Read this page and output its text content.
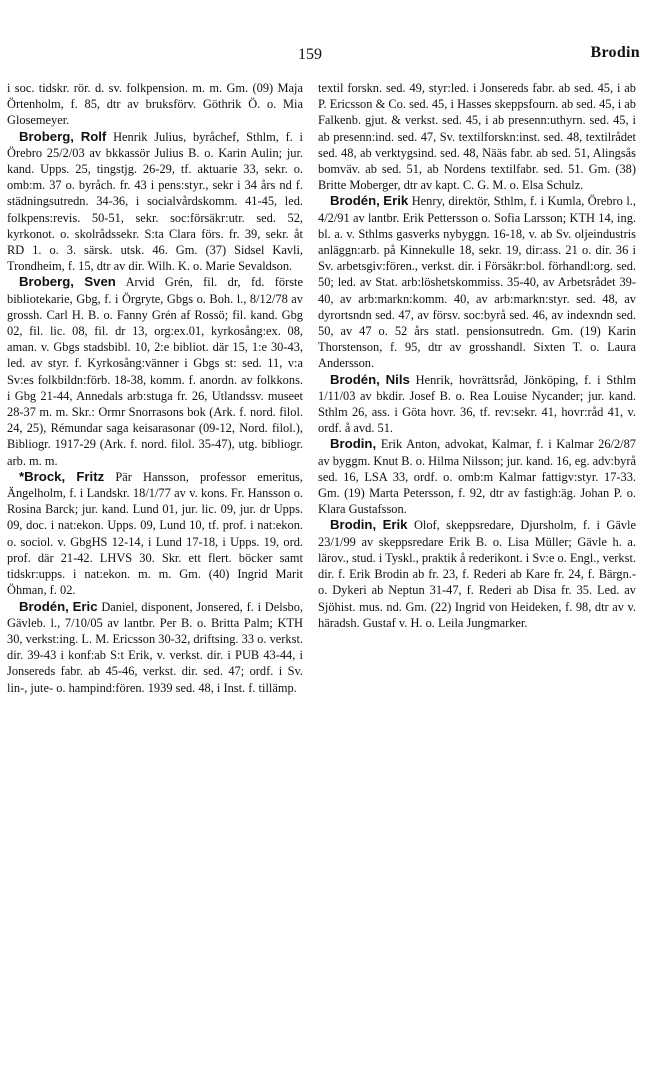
159	Brodin

i soc. tidskr. rör. d. sv. folkpension. m. m. Gm. (09) Maja Örtenholm, f. 85, dtr av bruksförv. Göthrik Ö. o. Mia Glosemeyer.

Broberg, Rolf Henrik Julius, byråchef, Sthlm, f. i Örebro 25/2/03 av bkkassör Julius B. o. Karin Aulin; jur. kand. Upps. 25, tingstjg. 26-29, tf. aktuarie 33, sekr. o. omb:m. 37 o. byråch. fr. 43 i pens:styr., sekr i 34 års nd f. städningsutredn. 34-36, i socialvårdskomm. 41-45, led. folkpens:revis. 50-51, sekr. soc:försäkr:utr. sed. 52, kyrkonot. o. skolrådssekr. S:ta Clara förs. fr. 39, sekr. åt RD 1. o. 3. särsk. utsk. 46. Gm. (37) Sidsel Kavli, Trondheim, f. 15, dtr av dir. Wilh. K. o. Marie Sevaldson.

Broberg, Sven Arvid Grén, fil. dr, fd. förste bibliotekarie, Gbg, f. i Örgryte, Gbgs o. Boh. l., 8/12/78 av grossh. Carl H. B. o. Fanny Grén af Rossö; fil. kand. Gbg 02, fil. lic. 08, fil. dr 13, org:ex.01, kyrkosång:ex. 08, aman. v. Gbgs stadsbibl. 10, 2:e bibliot. där 15, 1:e 30-43, led. av styr. f. Kyrkosång:vänner i Gbgs st: sed. 11, v:a Sv:es folkbildn:förb. 18-38, komm. f. anordn. av folkkons. i Gbg 21-44, Annedals arb:stuga fr. 26, Utlandssv. museet 28-37 m. m. Skr.: Ormr Snorrasons bok (Ark. f. nord. filol. 24, 25), Rémundar saga keisarasonar (09-12, Nord. filol.), Bibliogr. 1917-29 (Ark. f. nord. filol. 35-47), utg. bibliogr. arb. m. m.

*Brock, Fritz Pär Hansson, professor emeritus, Ängelholm, f. i Landskr. 18/1/77 av v. kons. Fr. Hansson o. Rosina Barck; jur. kand. Lund 01, jur. lic. 09, jur. dr Upps. 09, doc. i nat:ekon. Upps. 09, Lund 10, tf. prof. i nat:ekon. o. sociol. v. GbgHS 12-14, i Lund 17-18, i Upps. 19, ord. prof. där 21-42. LHVS 30. Skr. ett flert. böcker samt tidskr:upps. i nat:ekon. m. m. Gm. (40) Ingrid Marit Öhman, f. 02.

Brodén, Eric Daniel, disponent, Jonsered, f. i Delsbo, Gävleb. l., 7/10/05 av lantbr. Per B. o. Britta Palm; KTH 30, verkst:ing. L. M. Ericsson 30-32, driftsing. 33 o. verkst. dir. 39-43 i konf:ab S:t Erik, v. verkst. dir. i PUB 43-44, i Jonsereds fabr. ab 45-46, verkst. dir. sed. 47; ordf. i Sv. lin-, jute- o. hampind:fören. 1939 sed. 48, i Inst. f. tillämp.

textil forskn. sed. 49, styr:led. i Jonsereds fabr. ab sed. 45, i ab P. Ericsson & Co. sed. 45, i Hasses skeppsfourn. ab sed. 45, i ab Falkenb. gjut. & verkst. sed. 45, i ab presenn:uthyrn. sed. 45, i ab presenn:ind. sed. 47, Sv. textilforskn:inst. sed. 48, textilrådet sed. 48, ab verktygsind. sed. 48, Nääs fabr. ab sed. 51, Alingsås bomväv. ab sed. 51, ab Nordens textilfabr. sed. 51. Gm. (38) Britte Moberger, dtr av kapt. C. G. M. o. Elsa Schulz.

Brodén, Erik Henry, direktör, Sthlm, f. i Kumla, Örebro l., 4/2/91 av lantbr. Erik Pettersson o. Sofia Larsson; KTH 14, ing. bl. a. v. Sthlms gasverks nybyggn. 16-18, v. ab Sv. oljeindustris anläggn:arb. på Kinnekulle 18, sekr. 19, dir:ass. 21 o. dir. 36 i Sv. arbetsgiv:fören., verkst. dir. i Försäkr:bol. förhandl:org. sed. 50; led. av Stat. arb:löshetskommiss. 35-40, av Arbetsrådet 39-40, av arb:markn:komm. 40, av arb:markn:styr. sed. 48, av dyrortsndn sed. 47, av försv. soc:byrå sed. 46, av indexndn sed. 50, av 47 o. 52 års statl. pensionsutredn. Gm. (19) Karin Thorstenson, f. 95, dtr av grosshandl. Sixten T. o. Laura Andersson.

Brodén, Nils Henrik, hovrättsråd, Jönköping, f. i Sthlm 1/11/03 av bkdir. Josef B. o. Rea Louise Nycander; jur. kand. Sthlm 26, ass. i Göta hovr. 36, tf. rev:sekr. 41, hovr:råd 41, v. ordf. å avd. 51.

Brodin, Erik Anton, advokat, Kalmar, f. i Kalmar 26/2/87 av byggm. Knut B. o. Hilma Nilsson; jur. kand. 16, eg. adv:byrå sed. 16, LSA 33, ordf. o. omb:m Kalmar fattigv:styr. 17-33. Gm. (19) Marta Petersson, f. 92, dtr av fastigh:äg. Johan P. o. Klara Gustafsson.

Brodin, Erik Olof, skeppsredare, Djursholm, f. i Gävle 23/1/99 av skeppsredare Erik B. o. Lisa Müller; Gävle h. a. lärov., stud. i Tyskl., praktik å rederikont. i Sv:e o. Engl., verkst. dir. f. Erik Brodin ab fr. 23, f. Rederi ab Kare fr. 24, f. Bärgn.- o. Dykeri ab Neptun 31-47, f. Rederi ab Disa fr. 35. Led. av Sjöhist. mus. nd. Gm. (22) Ingrid von Heideken, f. 98, dtr av v. häradsh. Gustaf v. H. o. Leila Jungmarker.
